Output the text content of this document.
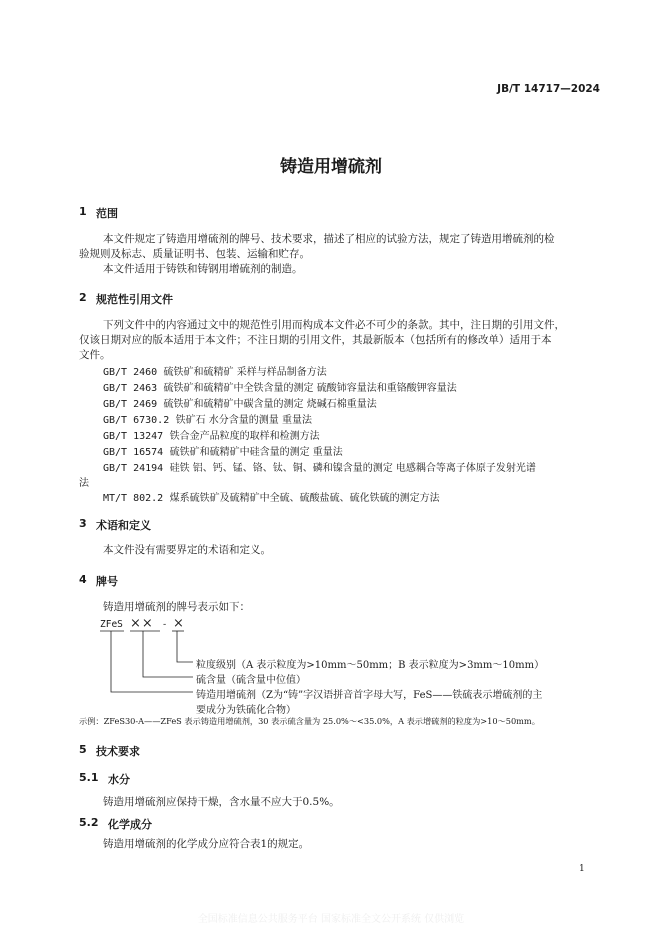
JB/T 14717—2024
铸造用增硫剂
1 范围
本文件规定了铸造用增硫剂的牌号、技术要求，描述了相应的试验方法，规定了铸造用增硫剂的检
验规则及标志、质量证明书、包装、运输和贮存。
本文件适用于铸铁和铸钢用增硫剂的制造。
2 规范性引用文件
下列文件中的内容通过文中的规范性引用而构成本文件必不可少的条款。其中，注日期的引用文件，
仅该日期对应的版本适用于本文件；不注日期的引用文件，其最新版本（包括所有的修改单）适用于本
文件。
GB/T 2460 硫铁矿和硫精矿 采样与样品制备方法
GB/T 2463 硫铁矿和硫精矿中全铁含量的测定 硫酸铈容量法和重铬酸钾容量法
GB/T 2469 硫铁矿和硫精矿中碳含量的测定 烧碱石棉重量法
GB/T 6730.2 铁矿石 水分含量的测量 重量法
GB/T 13247 铁合金产品粒度的取样和检测方法
GB/T 16574 硫铁矿和硫精矿中硅含量的测定 重量法
GB/T 24194 硅铁 铝、钙、锰、铬、钛、铜、磷和镍含量的测定 电感耦合等离子体原子发射光谱
法
MT/T 802.2 煤系硫铁矿及硫精矿中全硫、硫酸盐硫、硫化铁硫的测定方法
3 术语和定义
本文件没有需要界定的术语和定义。
4 牌号
铸造用增硫剂的牌号表示如下：
ZFeS ×× - ×
粒度级别（A 表示粒度为>10mm～50mm；B 表示粒度为>3mm～10mm）
硫含量（硫含量中位值）
铸造用增硫剂（Z为“铸”字汉语拼音首字母大写，FeS——铁硫表示增硫剂的主
要成分为铁硫化合物）
示例：ZFeS30-A——ZFeS 表示铸造用增硫剂，30 表示硫含量为 25.0%～<35.0%，A 表示增硫剂的粒度为>10～50mm。
5 技术要求
5.1 水分
铸造用增硫剂应保持干燥，含水量不应大于0.5%。
5.2 化学成分
铸造用增硫剂的化学成分应符合表1的规定。
1
全国标准信息公共服务平台 国家标准全文公开系统 仅供浏览
